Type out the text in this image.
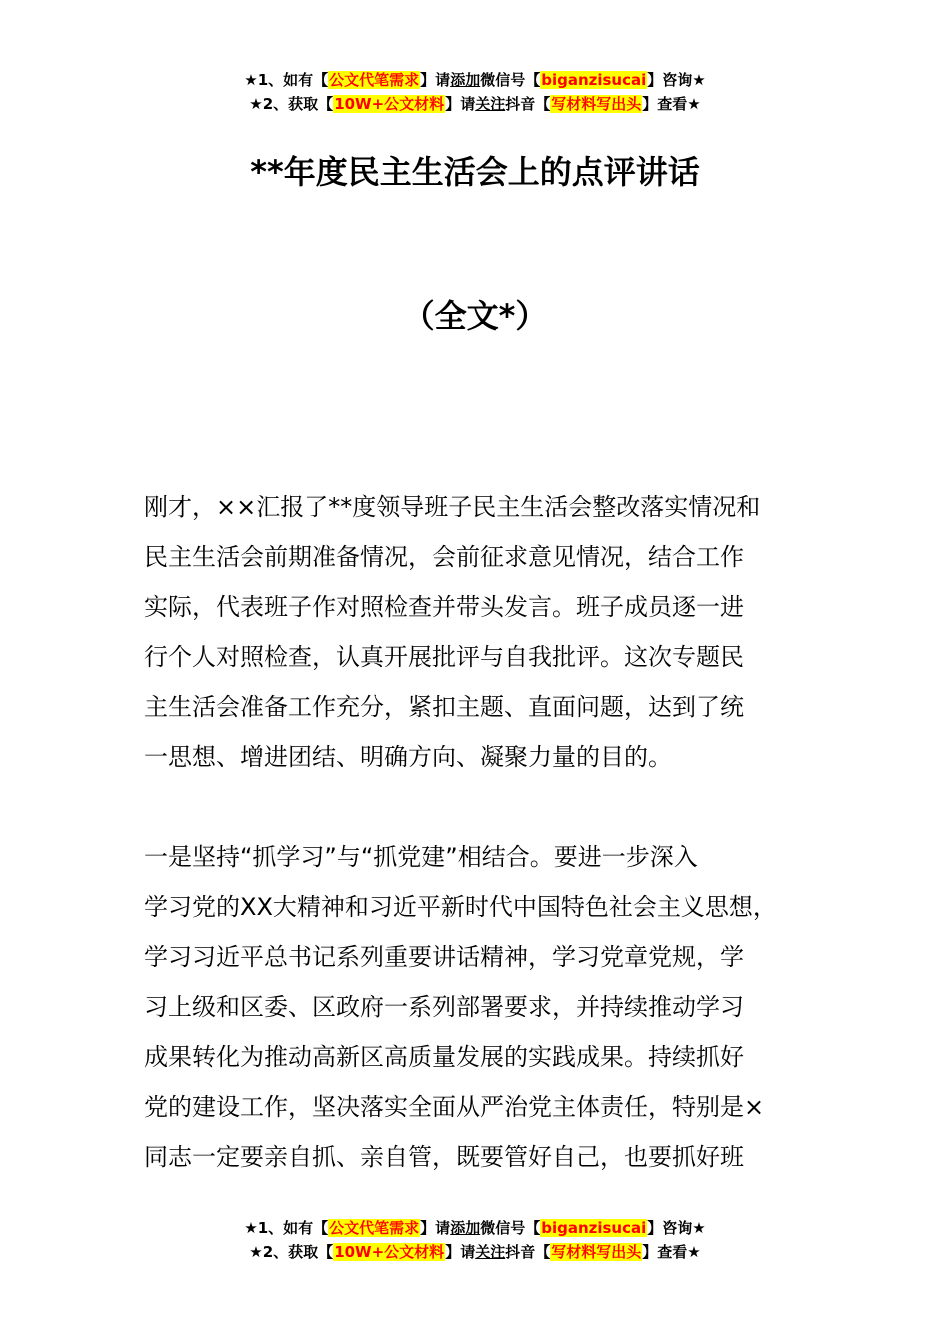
★1、如有【公文代笔需求】请添加微信号【biganzisucai】咨询★
★2、获取【10W+公文材料】请关注抖音【写材料写出头】查看★
**年度民主生活会上的点评讲话
（全文*）
刚才，××汇报了**度领导班子民主生活会整改落实情况和
民主生活会前期准备情况，会前征求意见情况，结合工作
实际，代表班子作对照检查并带头发言。班子成员逐一进
行个人对照检查，认真开展批评与自我批评。这次专题民
主生活会准备工作充分，紧扣主题、直面问题，达到了统
一思想、增进团结、明确方向、凝聚力量的目的。
一是坚持“抓学习”与“抓党建”相结合。要进一步深入
学习党的XX大精神和习近平新时代中国特色社会主义思想，
学习习近平总书记系列重要讲话精神，学习党章党规，学
习上级和区委、区政府一系列部署要求，并持续推动学习
成果转化为推动高新区高质量发展的实践成果。持续抓好
党的建设工作，坚决落实全面从严治党主体责任，特别是×
同志一定要亲自抓、亲自管，既要管好自己，也要抓好班
★1、如有【公文代笔需求】请添加微信号【biganzisucai】咨询★
★2、获取【10W+公文材料】请关注抖音【写材料写出头】查看★
